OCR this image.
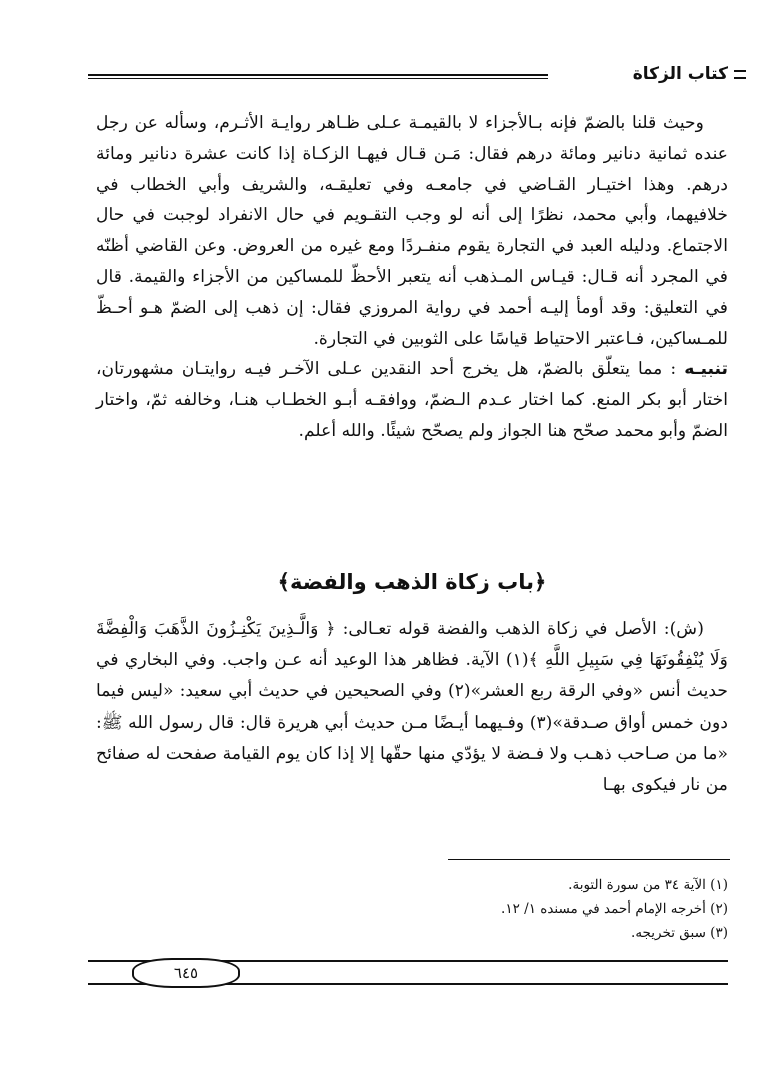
كتاب الزكاة

وحيث قلنا بالضمّ فإنه بـالأجزاء لا بالقيمـة عـلى ظـاهر روايـة الأثـرم، وسأله عن رجل عنده ثمانية دنانير ومائة درهم فقال: مَـن قـال فيهـا الزكـاة إذا كانت عشرة دنانير ومائة درهم. وهذا اختيـار القـاضي في جامعـه وفي تعليقـه، والشريف وأبي الخطاب في خلافيهما، وأبي محمد، نظرًا إلى أنه لو وجب التقـويم في حال الانفراد لوجبت في حال الاجتماع. ودليله العبد في التجارة يقوم منفـردًا ومع غيره من العروض. وعن القاضي أظنّه في المجرد أنه قـال: قيـاس المـذهب أنه يتعبر الأحظّ للمساكين من الأجزاء والقيمة. قال في التعليق: وقد أومأ إليـه أحمد في رواية المروزي فقال: إن ذهب إلى الضمّ هـو أحـظّ للمـساكين، فـاعتبر الاحتياط قياسًا على الثوبين في التجارة.

تنبيـه : مما يتعلّق بالضمّ، هل يخرج أحد النقدين عـلى الآخـر فيـه روايتـان مشهورتان، اختار أبو بكر المنع. كما اختار عـدم الـضمّ، ووافقـه أبـو الخطـاب هنـا، وخالفه ثمّ، واختار الضمّ وأبو محمد صحّح هنا الجواز ولم يصحّح شيئًا. والله أعلم.

﴿باب زكاة الذهب والفضة﴾

(ش): الأصل في زكاة الذهب والفضة قوله تعـالى: ﴿ وَالَّـذِينَ يَكْنِـزُونَ الذَّهَبَ وَالْفِضَّةَ وَلَا يُنْفِقُونَهَا فِي سَبِيلِ اللَّهِ ﴾(١) الآية. فظاهر هذا الوعيد أنه عـن واجب. وفي البخاري في حديث أنس «وفي الرقة ربع العشر»(٢) وفي الصحيحين في حديث أبي سعيد: «ليس فيما دون خمس أواق صـدقة»(٣) وفـيهما أيـضًا مـن حديث أبي هريرة قال: قال رسول الله ﷺ: «ما من صـاحب ذهـب ولا فـضة لا يؤدّي منها حقّها إلا إذا كان يوم القيامة صفحت له صفائح من نار فيكوى بهـا

(١) الآية ٣٤ من سورة التوبة.
(٢) أخرجه الإمام أحمد في مسنده ١/ ١٢.
(٣) سبق تخريجه.
٦٤٥
